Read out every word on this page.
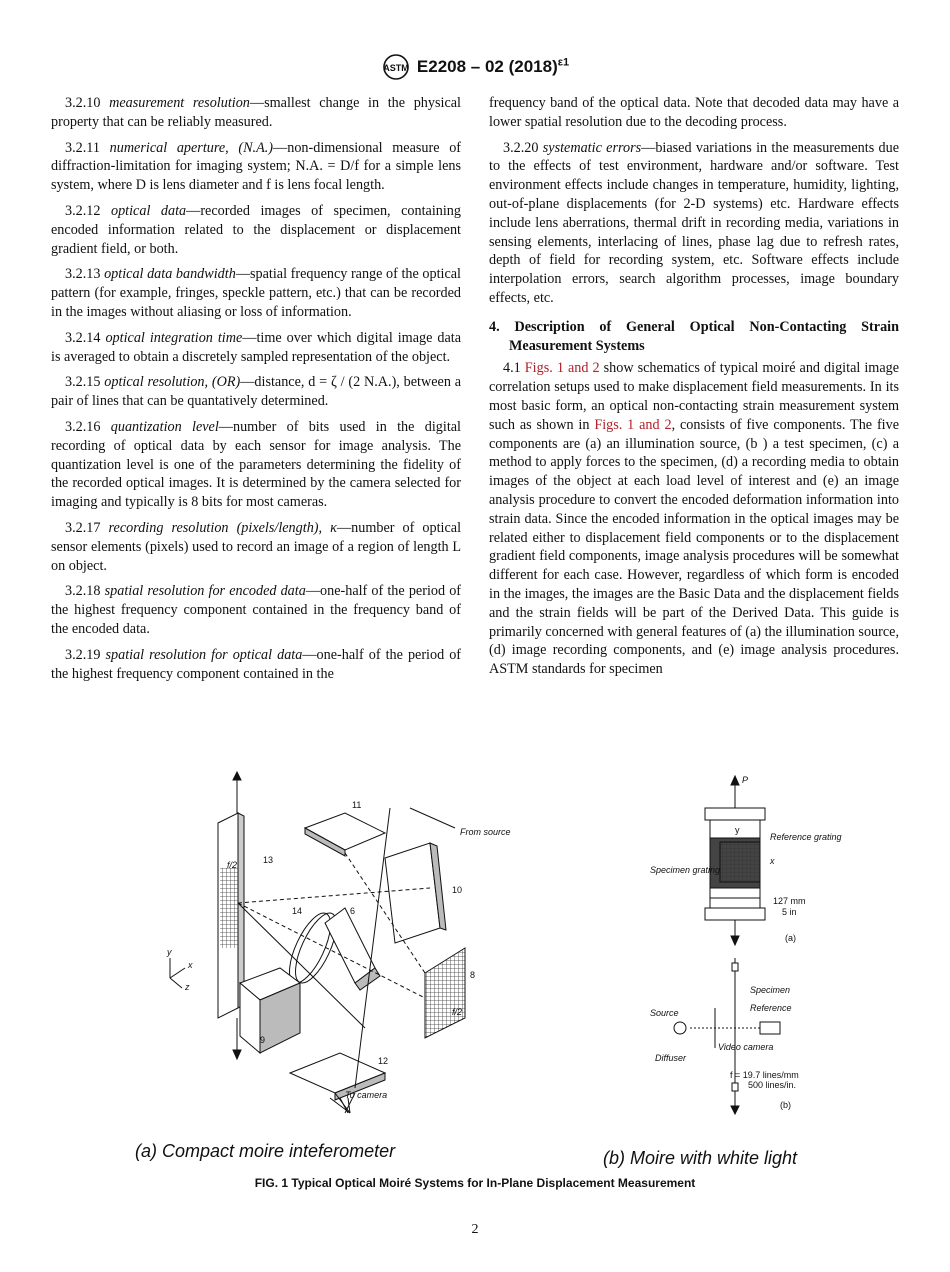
ASTM E2208 – 02 $(2018)^{\varepsilon 1}$

3.2.10 measurement resolution—smallest change in the physical property that can be reliably measured.

3.2.11 numerical aperture, (N.A.)—non-dimensional measure of diffraction-limitation for imaging system; N.A. = D/f for a simple lens system, where D is lens diameter and f is lens focal length.

3.2.12 optical data—recorded images of specimen, containing encoded information related to the displacement or displacement gradient field, or both.

3.2.13 optical data bandwidth—spatial frequency range of the optical pattern (for example, fringes, speckle pattern, etc.) that can be recorded in the images without aliasing or loss of information.

3.2.14 optical integration time—time over which digital image data is averaged to obtain a discretely sampled representation of the object.

3.2.15 optical resolution, (OR)—distance, d = ζ / (2 N.A.), between a pair of lines that can be quantatively determined.

3.2.16 quantization level—number of bits used in the digital recording of optical data by each sensor for image analysis. The quantization level is one of the parameters determining the fidelity of the recorded optical images. It is determined by the camera selected for imaging and typically is 8 bits for most cameras.

3.2.17 recording resolution (pixels/length), κ—number of optical sensor elements (pixels) used to record an image of a region of length L on object.

3.2.18 spatial resolution for encoded data—one-half of the period of the highest frequency component contained in the frequency band of the encoded data.

3.2.19 spatial resolution for optical data—one-half of the period of the highest frequency component contained in the

frequency band of the optical data. Note that decoded data may have a lower spatial resolution due to the decoding process.

3.2.20 systematic errors—biased variations in the measurements due to the effects of test environment, hardware and/or software. Test environment effects include changes in temperature, humidity, lighting, out-of-plane displacements (for 2-D systems) etc. Hardware effects include lens aberrations, thermal drift in recording media, variations in sensing elements, interlacing of lines, phase lag due to refresh rates, depth of field for recording system, etc. Software effects include interpolation errors, search algorithm processes, image boundary effects, etc.

4. Description of General Optical Non-Contacting Strain Measurement Systems

4.1 Figs. 1 and 2 show schematics of typical moiré and digital image correlation setups used to make displacement field measurements. In its most basic form, an optical non-contacting strain measurement system such as shown in Figs. 1 and 2, consists of five components. The five components are (a) an illumination source, (b ) a test specimen, (c) a method to apply forces to the specimen, (d) a recording media to obtain images of the object at each load level of interest and (e) an image analysis procedure to convert the encoded deformation information into strain data. Since the encoded information in the optical images may be related either to displacement field components or to the displacement gradient field components, image analysis procedures will be somewhat different for each case. However, regardless of which form is encoded in the images, the images are the Basic Data and the displacement fields and the strain fields will be part of the Derived Data. This guide is primarily concerned with general features of (a) the illumination source, (d) image recording components, and (e) image analysis procedures. ASTM standards for specimen

11
From source
13
f/2
10
14	6
8
f/2
9
12
To camera
y
x
z
P
y
x
Reference grating
Specimen grating
127 mm
5 in
(a)
Specimen
Reference
Source
Diffuser
Video camera
f = 19.7 lines/mm
500 lines/in.
(b)
(a) Compact moire inteferometer	(b) Moire with white light
FIG. 1 Typical Optical Moiré Systems for In-Plane Displacement Measurement
2
